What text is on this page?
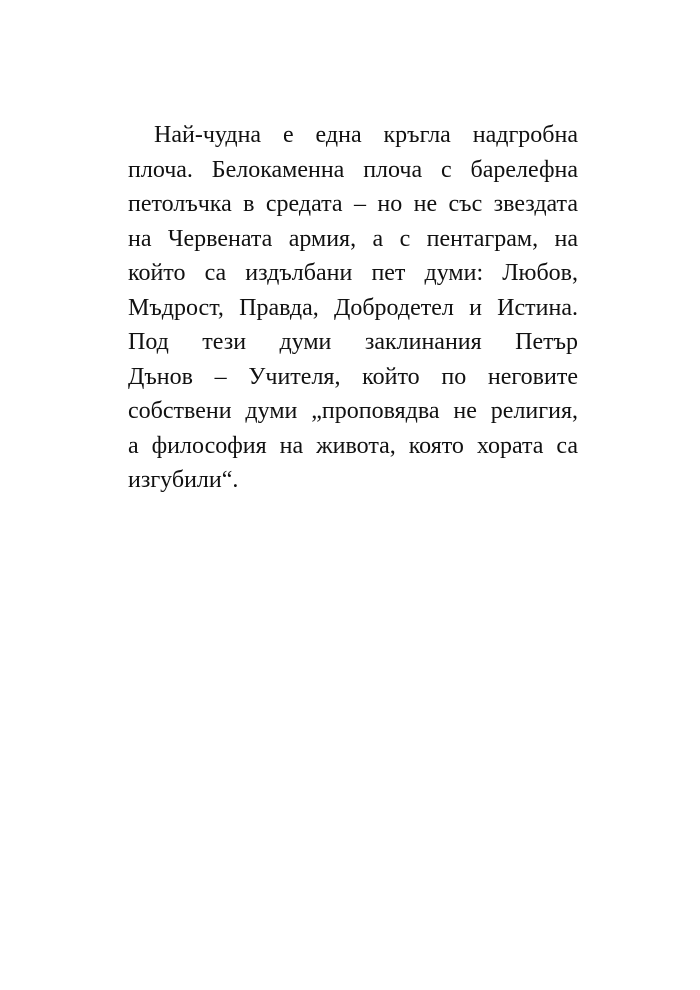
Най-чудна е една кръгла надгробна
плоча. Белокаменна плоча с барелефна
петолъчка в средата – но не със звездата
на Червената армия, а с пентаграм, на
който са издълбани пет думи: Любов,
Мъдрост, Правда, Добродетел и Истина.
Под тези думи заклинания Петър
Дънов – Учителя, който по неговите
собствени думи „проповядва не религия,
а философия на живота, която хората са
изгубили“.
